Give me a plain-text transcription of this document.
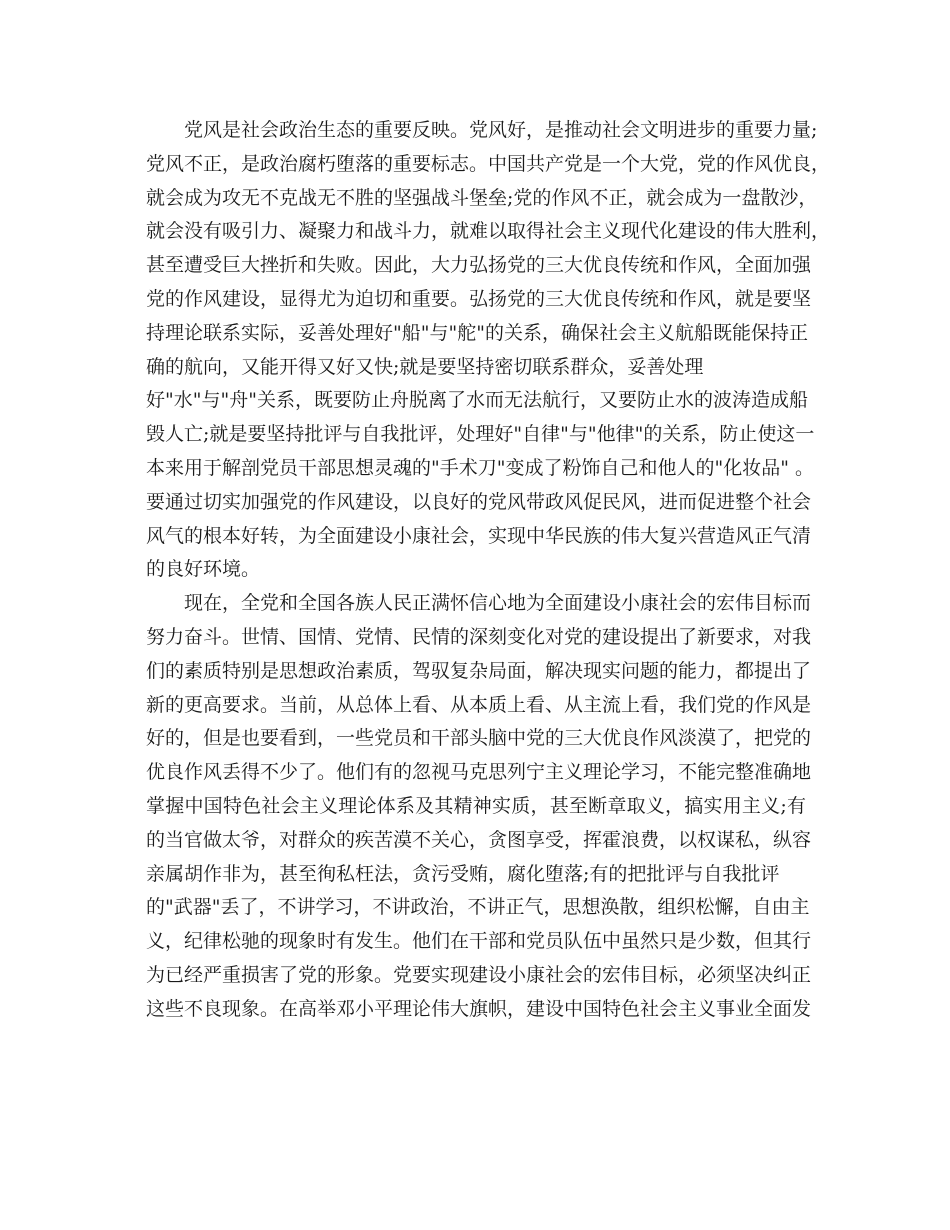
党风是社会政治生态的重要反映。党风好，是推动社会文明进步的重要力量;
党风不正，是政治腐朽堕落的重要标志。中国共产党是一个大党，党的作风优良，
就会成为攻无不克战无不胜的坚强战斗堡垒;党的作风不正，就会成为一盘散沙，
就会没有吸引力、凝聚力和战斗力，就难以取得社会主义现代化建设的伟大胜利，
甚至遭受巨大挫折和失败。因此，大力弘扬党的三大优良传统和作风，全面加强
党的作风建设，显得尤为迫切和重要。弘扬党的三大优良传统和作风，就是要坚
持理论联系实际，妥善处理好"船"与"舵"的关系，确保社会主义航船既能保持正
确的航向，又能开得又好又快;就是要坚持密切联系群众，妥善处理
好"水"与"舟"关系，既要防止舟脱离了水而无法航行，又要防止水的波涛造成船
毁人亡;就是要坚持批评与自我批评，处理好"自律"与"他律"的关系，防止使这一
本来用于解剖党员干部思想灵魂的"手术刀"变成了粉饰自己和他人的"化妆品" 。
要通过切实加强党的作风建设，以良好的党风带政风促民风，进而促进整个社会
风气的根本好转，为全面建设小康社会，实现中华民族的伟大复兴营造风正气清
的良好环境。
现在，全党和全国各族人民正满怀信心地为全面建设小康社会的宏伟目标而
努力奋斗。世情、国情、党情、民情的深刻变化对党的建设提出了新要求，对我
们的素质特别是思想政治素质，驾驭复杂局面，解决现实问题的能力，都提出了
新的更高要求。当前，从总体上看、从本质上看、从主流上看，我们党的作风是
好的，但是也要看到，一些党员和干部头脑中党的三大优良作风淡漠了，把党的
优良作风丢得不少了。他们有的忽视马克思列宁主义理论学习，不能完整准确地
掌握中国特色社会主义理论体系及其精神实质，甚至断章取义，搞实用主义;有
的当官做太爷，对群众的疾苦漠不关心，贪图享受，挥霍浪费，以权谋私，纵容
亲属胡作非为，甚至徇私枉法，贪污受贿，腐化堕落;有的把批评与自我批评
的"武器"丢了，不讲学习，不讲政治，不讲正气，思想涣散，组织松懈，自由主
义，纪律松驰的现象时有发生。他们在干部和党员队伍中虽然只是少数，但其行
为已经严重损害了党的形象。党要实现建设小康社会的宏伟目标，必须坚决纠正
这些不良现象。在高举邓小平理论伟大旗帜，建设中国特色社会主义事业全面发
